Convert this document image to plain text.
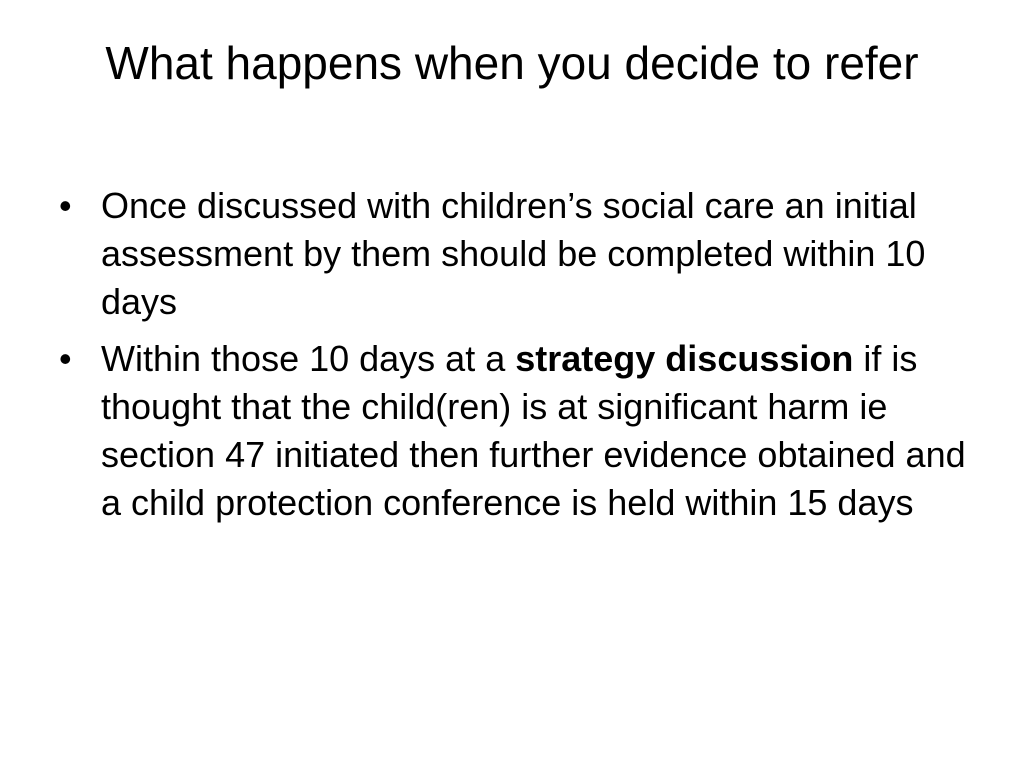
What happens when you decide to refer
• Once discussed with children’s social care an initial assessment by them should be completed within 10 days
• Within those 10 days at a strategy discussion if is thought that the child(ren) is at significant harm ie section 47 initiated then further evidence obtained and a child protection conference is held within 15 days
